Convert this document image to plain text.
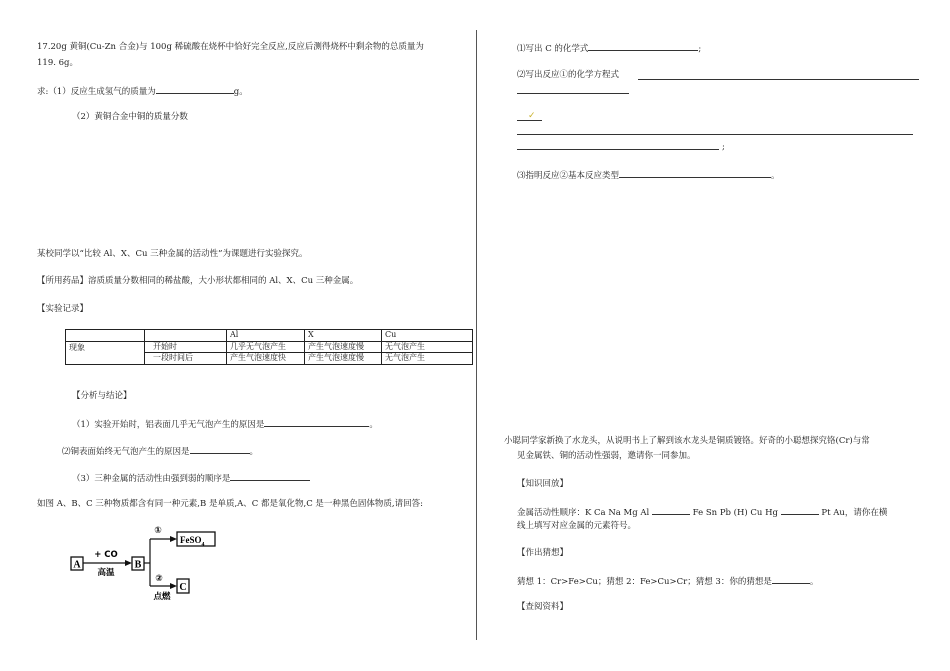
17.20g 黄铜(Cu-Zn 合金)与 100g 稀硫酸在烧杯中恰好完全反应,反应后测得烧杯中剩余物的总质量为
119. 6g。
求:（1）反应生成氢气的质量为	g。
（2）黄铜合金中铜的质量分数
某校同学以“比较 Al、X、Cu 三种金属的活动性”为课题进行实验探究。
【所用药品】溶质质量分数相同的稀盐酸，大小形状都相同的 Al、X、Cu 三种金属。
【实验记录】
		Al	X	Cu
现象	开始时	几乎无气泡产生	产生气泡速度慢	无气泡产生
	一段时间后	产生气泡速度快	产生气泡速度慢	无气泡产生
【分析与结论】
（1）实验开始时，铝表面几乎无气泡产生的原因是	。
⑵铜表面始终无气泡产生的原因是	。
（3）三种金属的活动性由强到弱的顺序是
如图 A、B、C 三种物质都含有同一种元素,B 是单质,A、C 都是氧化物,C 是一种黑色固体物质,请回答:
A
+ CO
高温
B
①
FeSO$_4$
②
点燃
C
⑴写出 C 的化学式	;
⑵写出反应①的化学方程式
✓
;
⑶指明反应②基本反应类型	。
小聪同学家新换了水龙头，从说明书上了解到该水龙头是铜质镀铬。好奇的小聪想探究铬(Cr)与常
见金属铁、铜的活动性强弱，邀请你一同参加。
【知识回放】
金属活动性顺序：K Ca Na Mg Al	Fe Sn Pb (H) Cu Hg	Pt Au，请你在横
线上填写对应金属的元素符号。
【作出猜想】
猜想 1：Cr>Fe>Cu；猜想 2：Fe>Cu>Cr；猜想 3：你的猜想是	。
【查阅资料】
